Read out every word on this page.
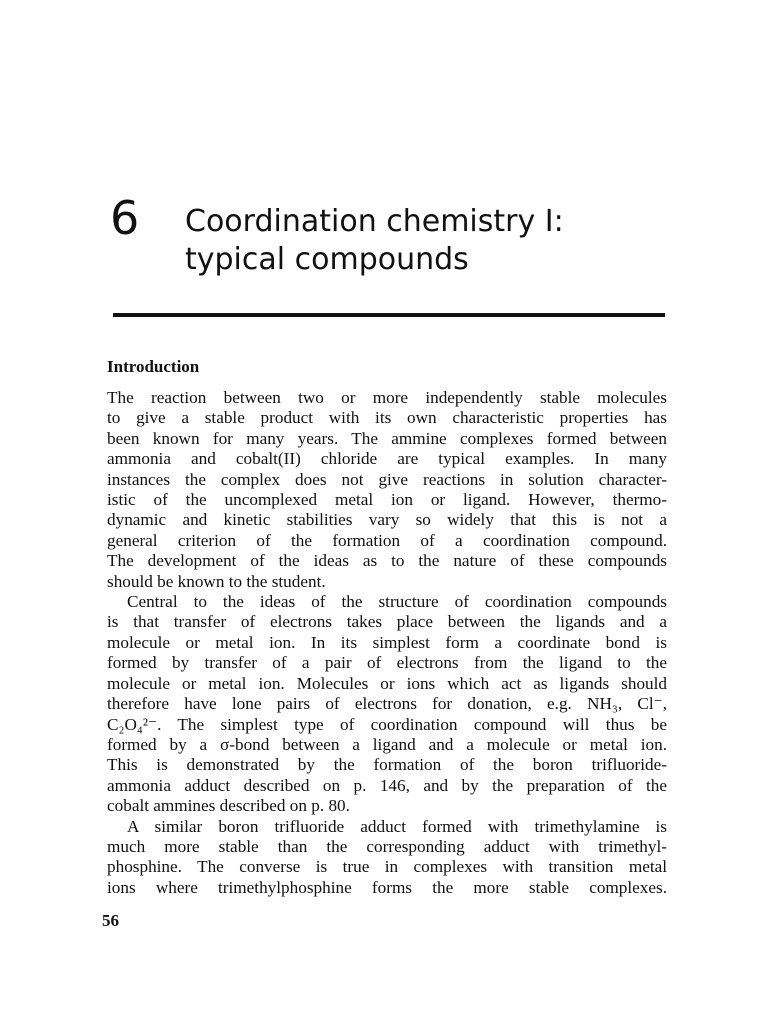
6 Coordination chemistry I:
typical compounds
Introduction
The reaction between two or more independently stable molecules
to give a stable product with its own characteristic properties has
been known for many years. The ammine complexes formed between
ammonia and cobalt(II) chloride are typical examples. In many
instances the complex does not give reactions in solution character-
istic of the uncomplexed metal ion or ligand. However, thermo-
dynamic and kinetic stabilities vary so widely that this is not a
general criterion of the formation of a coordination compound.
The development of the ideas as to the nature of these compounds
should be known to the student.
Central to the ideas of the structure of coordination compounds
is that transfer of electrons takes place between the ligands and a
molecule or metal ion. In its simplest form a coordinate bond is
formed by transfer of a pair of electrons from the ligand to the
molecule or metal ion. Molecules or ions which act as ligands should
therefore have lone pairs of electrons for donation, e.g. NH₃, Cl⁻,
C₂O₄²⁻. The simplest type of coordination compound will thus be
formed by a σ-bond between a ligand and a molecule or metal ion.
This is demonstrated by the formation of the boron trifluoride-
ammonia adduct described on p. 146, and by the preparation of the
cobalt ammines described on p. 80.
A similar boron trifluoride adduct formed with trimethylamine is
much more stable than the corresponding adduct with trimethyl-
phosphine. The converse is true in complexes with transition metal
ions where trimethylphosphine forms the more stable complexes.
56
